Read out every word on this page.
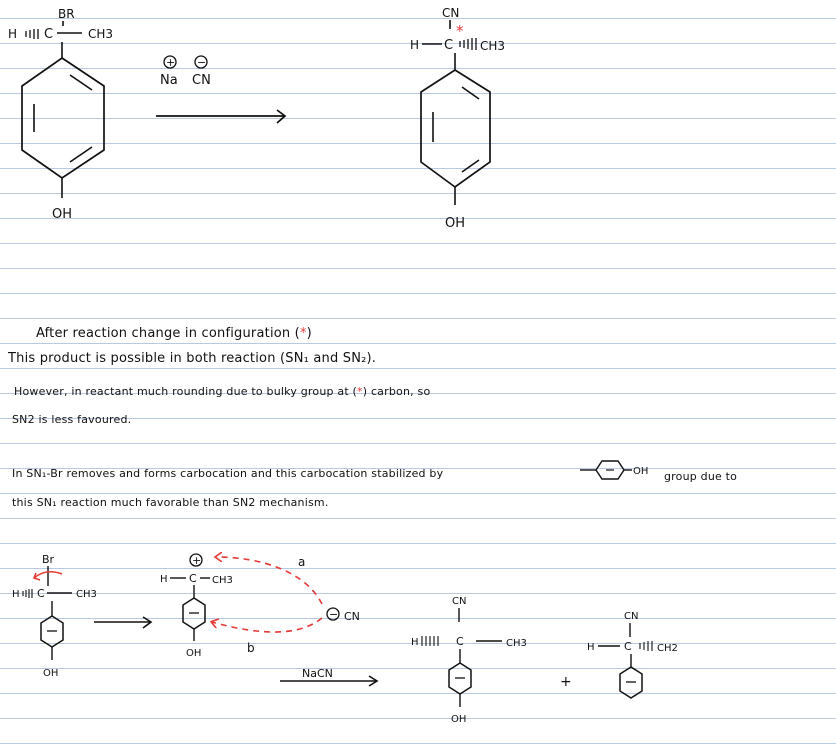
BR
H C	CH3
OH
+ −
Na CN
CN
*
H C CH3
OH
OH
Br
H C	CH3
OH
+
H C CH3
OH
a
b
− CN
NaCN
CN
H	C	CH3
OH
+
CN
H	C	CH2
After reaction change in configuration (*)
This product is possible in both reaction (SN₁ and SN₂).
However, in reactant much rounding due to bulky group at (*) carbon, so
SN2 is less favoured.
In SN₁-Br removes and forms carbocation and this carbocation stabilized by	group due to
this SN₁ reaction much favorable than SN2 mechanism.
